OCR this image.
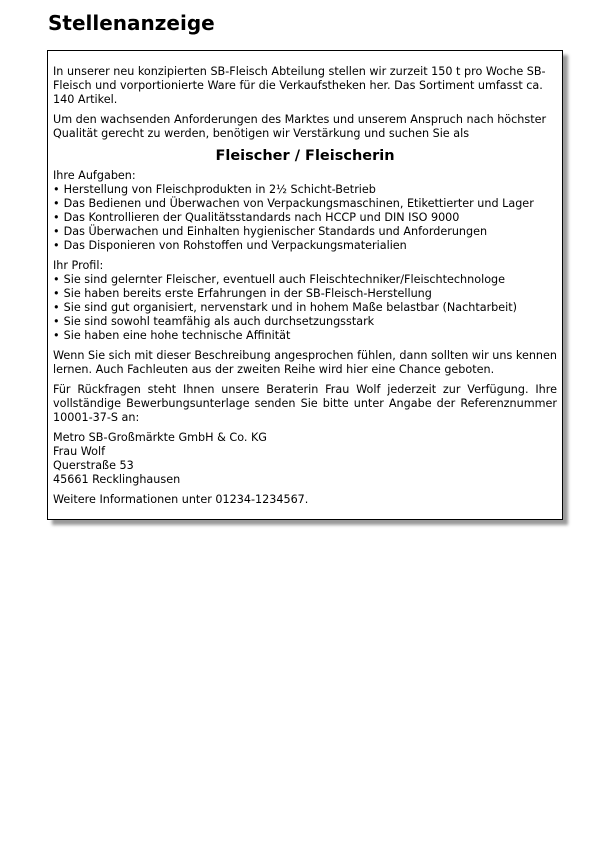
Stellenanzeige

In unserer neu konzipierten SB-Fleisch Abteilung stellen wir zurzeit 150 t pro Woche SB-Fleisch und vorportionierte Ware für die Verkaufstheken her. Das Sortiment umfasst ca. 140 Artikel.

Um den wachsenden Anforderungen des Marktes und unserem Anspruch nach höchster Qualität gerecht zu werden, benötigen wir Verstärkung und suchen Sie als

Fleischer / Fleischerin
Ihre Aufgaben:
• Herstellung von Fleischprodukten in 2½ Schicht-Betrieb
• Das Bedienen und Überwachen von Verpackungsmaschinen, Etikettierter und Lager
• Das Kontrollieren der Qualitätsstandards nach HCCP und DIN ISO 9000
• Das Überwachen und Einhalten hygienischer Standards und Anforderungen
• Das Disponieren von Rohstoffen und Verpackungsmaterialien
Ihr Profil:
• Sie sind gelernter Fleischer, eventuell auch Fleischtechniker/Fleischtechnologe
• Sie haben bereits erste Erfahrungen in der SB-Fleisch-Herstellung
• Sie sind gut organisiert, nervenstark und in hohem Maße belastbar (Nachtarbeit)
• Sie sind sowohl teamfähig als auch durchsetzungsstark
• Sie haben eine hohe technische Affinität

Wenn Sie sich mit dieser Beschreibung angesprochen fühlen, dann sollten wir uns kennen lernen. Auch Fachleuten aus der zweiten Reihe wird hier eine Chance geboten.

Für Rückfragen steht Ihnen unsere Beraterin Frau Wolf jederzeit zur Verfügung. Ihre vollständige Bewerbungsunterlage senden Sie bitte unter Angabe der Referenznummer 10001-37-S an:

Metro SB-Großmärkte GmbH & Co. KG
Frau Wolf
Querstraße 53
45661 Recklinghausen

Weitere Informationen unter 01234-1234567.
